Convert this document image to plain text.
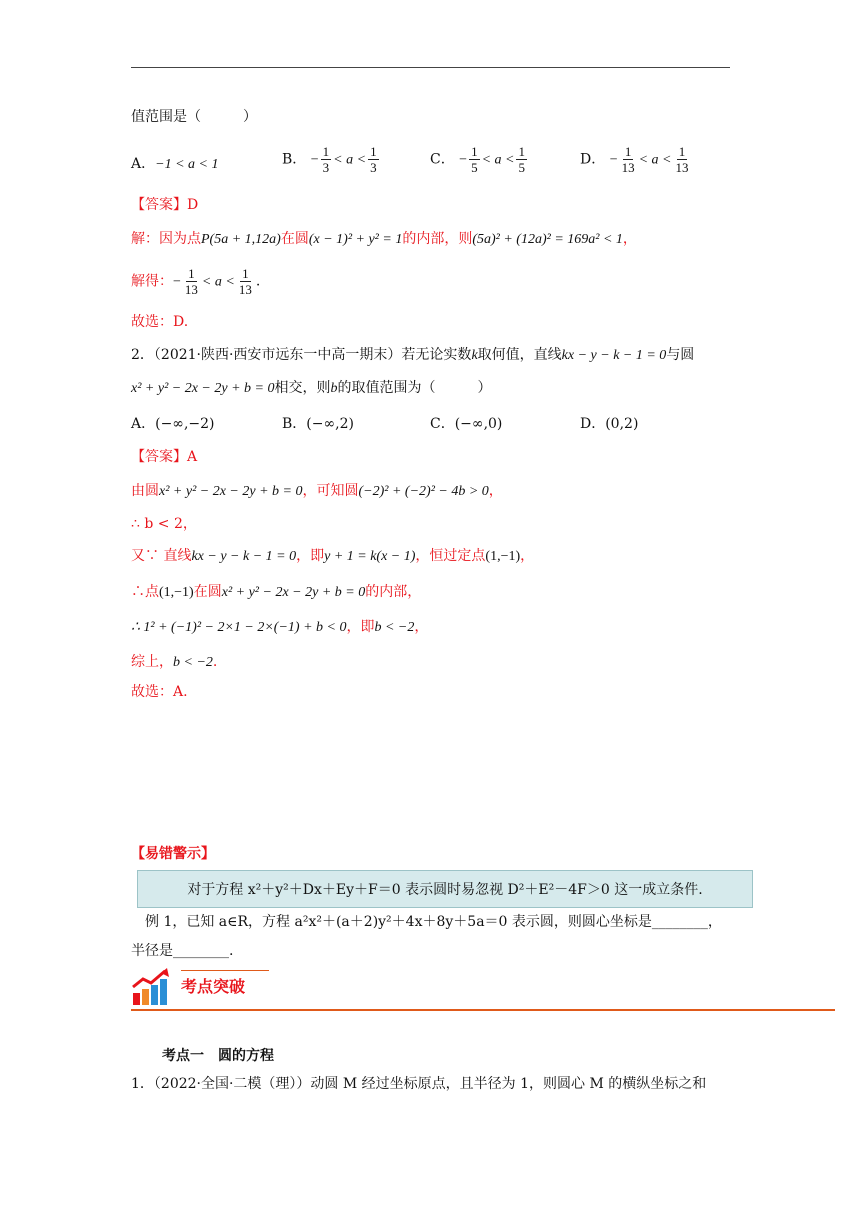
值范围是（　　　）
A．−1 < a < 1	B． − $\frac{1}{3} < a < \frac{1}{3}$	C． − $\frac{1}{5} < a < \frac{1}{5}$	D． − $\frac{1}{13} < a < \frac{1}{13}$
【答案】D
解：因为点P(5a + 1,12a)在圆(x − 1)² + y² = 1的内部，则(5a)² + (12a)² = 169a² < 1，
解得：− $\frac{1}{13} < a < \frac{1}{13}$ .
故选：D.
2．（2021·陕西·西安市远东一中高一期末）若无论实数k取何值，直线kx − y − k − 1 = 0与圆
x² + y² − 2x − 2y + b = 0相交，则b的取值范围为（　　　）
A．(−∞,−2)	B．(−∞,2)	C．(−∞,0)	D．(0,2)
【答案】A
由圆x² + y² − 2x − 2y + b = 0，可知圆(−2)² + (−2)² − 4b > 0，
∴ b < 2，
又∵ 直线kx − y − k − 1 = 0，即y + 1 = k(x − 1)，恒过定点(1,−1)，
∴点(1,−1)在圆x² + y² − 2x − 2y + b = 0的内部，
∴ 1² + (−1)² − 2×1 − 2×(−1) + b < 0，即b < −2，
综上，b < −2.
故选：A.
【易错警示】
对于方程 x²＋y²＋Dx＋Ey＋F＝0 表示圆时易忽视 D²＋E²－4F＞0 这一成立条件.
例 1，已知 a∈R，方程 a²x²＋(a＋2)y²＋4x＋8y＋5a＝0 表示圆，则圆心坐标是________，
半径是________.
考点突破
考点一　圆的方程
1．（2022·全国·二模（理））动圆 M 经过坐标原点，且半径为 1，则圆心 M 的横纵坐标之和
